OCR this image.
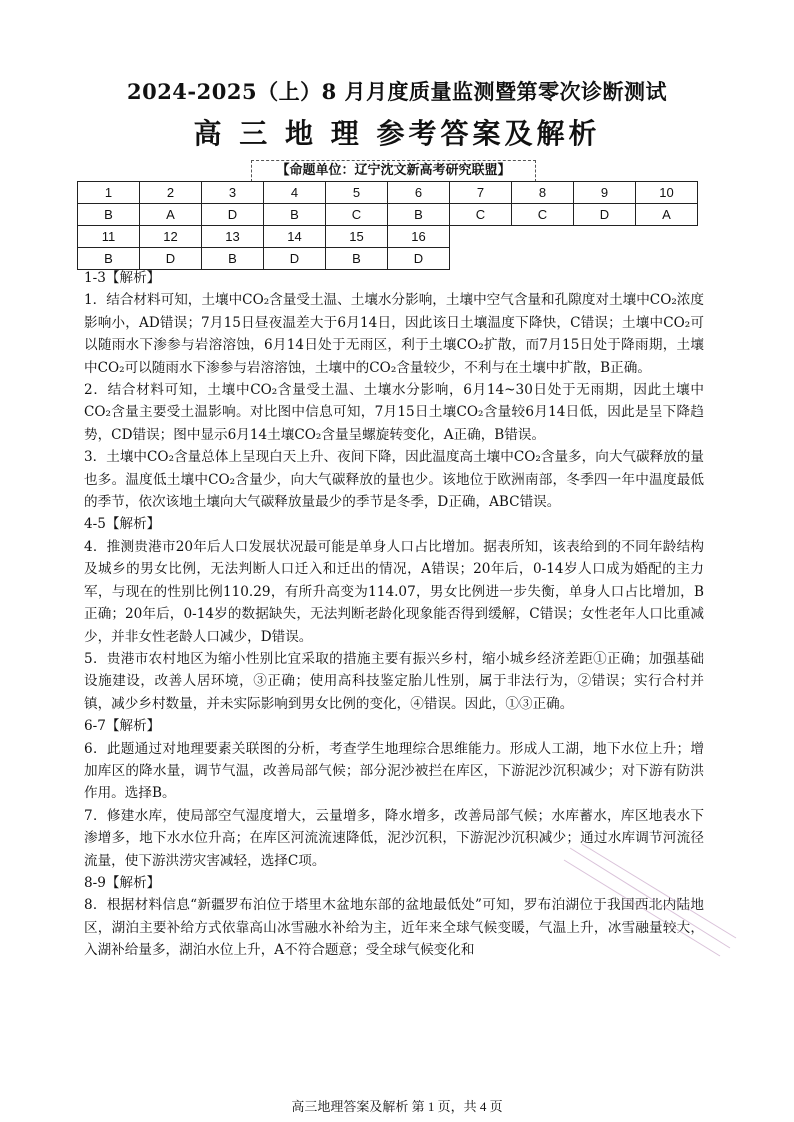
2024-2025（上）8 月月度质量监测暨第零次诊断测试
高 三 地 理 参考答案及解析
【命题单位：辽宁沈文新高考研究联盟】
1	2	3	4	5	6	7	8	9	10
B	A	D	B	C	B	C	C	D	A
11	12	13	14	15	16				
B	D	B	D	B	D				

1-3【解析】

1．结合材料可知，土壤中CO₂含量受土温、土壤水分影响，土壤中空气含量和孔隙度对土壤中CO₂浓度影响小，AD错误；7月15日昼夜温差大于6月14日，因此该日土壤温度下降快，C错误；土壤中CO₂可以随雨水下渗参与岩溶溶蚀，6月14日处于无雨区，利于土壤CO₂扩散，而7月15日处于降雨期，土壤中CO₂可以随雨水下渗参与岩溶溶蚀，土壤中的CO₂含量较少，不利与在土壤中扩散，B正确。

2．结合材料可知，土壤中CO₂含量受土温、土壤水分影响，6月14~30日处于无雨期，因此土壤中CO₂含量主要受土温影响。对比图中信息可知，7月15日土壤CO₂含量较6月14日低，因此是呈下降趋势，CD错误；图中显示6月14土壤CO₂含量呈螺旋转变化，A正确，B错误。

3．土壤中CO₂含量总体上呈现白天上升、夜间下降，因此温度高土壤中CO₂含量多，向大气碳释放的量也多。温度低土壤中CO₂含量少，向大气碳释放的量也少。该地位于欧洲南部，冬季四一年中温度最低的季节，依次该地土壤向大气碳释放量最少的季节是冬季，D正确，ABC错误。

4-5【解析】

4．推测贵港市20年后人口发展状况最可能是单身人口占比增加。据表所知，该表给到的不同年龄结构及城乡的男女比例，无法判断人口迁入和迁出的情况，A错误；20年后，0-14岁人口成为婚配的主力军，与现在的性别比例110.29，有所升高变为114.07，男女比例进一步失衡，单身人口占比增加，B正确；20年后，0-14岁的数据缺失，无法判断老龄化现象能否得到缓解，C错误；女性老年人口比重减少，并非女性老龄人口减少，D错误。

5．贵港市农村地区为缩小性别比宜采取的措施主要有振兴乡村，缩小城乡经济差距①正确；加强基础设施建设，改善人居环境，③正确；使用高科技鉴定胎儿性别，属于非法行为，②错误；实行合村并镇，减少乡村数量，并未实际影响到男女比例的变化，④错误。因此，①③正确。

6-7【解析】

6．此题通过对地理要素关联图的分析，考查学生地理综合思维能力。形成人工湖，地下水位上升；增加库区的降水量，调节气温，改善局部气候；部分泥沙被拦在库区，下游泥沙沉积减少；对下游有防洪作用。选择B。

7．修建水库，使局部空气湿度增大，云量增多，降水增多，改善局部气候；水库蓄水，库区地表水下渗增多，地下水水位升高；在库区河流流速降低，泥沙沉积，下游泥沙沉积减少；通过水库调节河流径流量，使下游洪涝灾害减轻，选择C项。

8-9【解析】

8．根据材料信息“新疆罗布泊位于塔里木盆地东部的盆地最低处”可知，罗布泊湖位于我国西北内陆地区，湖泊主要补给方式依靠高山冰雪融水补给为主，近年来全球气候变暖，气温上升，冰雪融量较大，入湖补给量多，湖泊水位上升，A不符合题意；受全球气候变化和

高三地理答案及解析 第 1 页，共 4 页
